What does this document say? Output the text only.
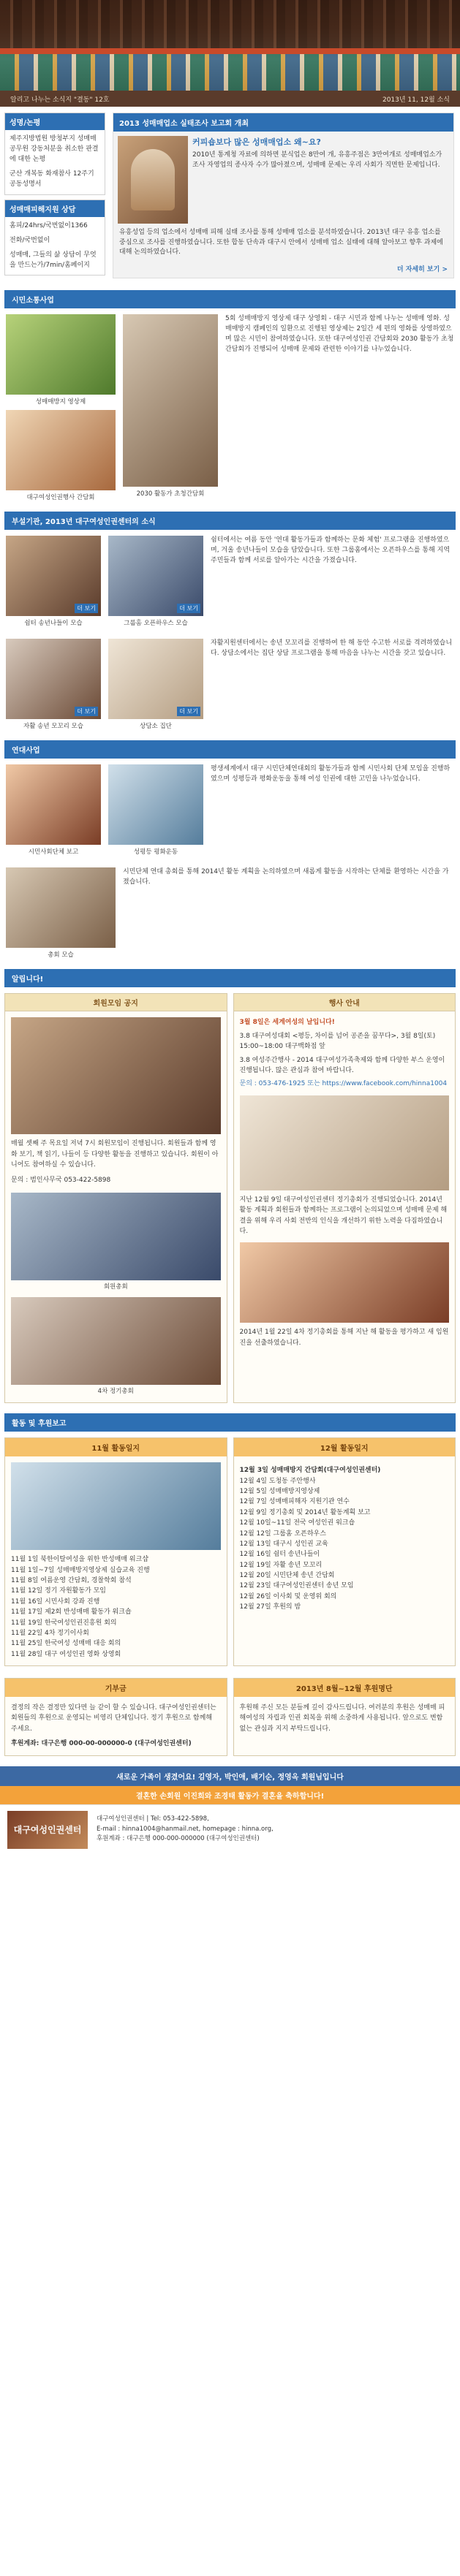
알리고 나누는 소식지 "결동" 12호	2013년 11, 12월 소식
성명/논평
제주지방법원 방청부지 성매매 공무원 강동처분을 취소한 판결에 대한 논평
군산 개복동 화재참사 12주기 공동성명서
성매매피해지원 상담
홈피/24hrs/국번없이1366
전화/국번없이
성매매, 그들의 삶 상담이 무엇을 만드는가/7min/홈페이지
2013 성매매업소 실태조사 보고회 개최
커피숍보다 많은 성매매업소 왜~요?
2010년 통계청 자료에 의하면 분식업은 8만여 개, 유흥주점은 3만여개로 성매매업소가 조사 자영업의 종사자 수가 많아졌으며, 성매매 문제는 우리 사회가 직면한 문제입니다.
유흥성업 등의 업소에서 성매매 피해 실태 조사를 통해 성매매 업소를 분석하였습니다. 2013년 대구 유흥 업소를 중심으로 조사를 진행하였습니다. 또한 합동 단속과 대구시 안에서 성매매 업소 실태에 대해 알아보고 향후 과제에 대해 논의하였습니다.
더 자세히 보기 >
시민소통사업
성매매방지 영상제
대구여성인권행사 간담회	2030 활동가 초청간담회
5회 성매매방지 영상제 대구 상영회 - 대구 시민과 함께 나누는 성매매 영화. 성매매방지 캠페인의 일환으로 진행된 영상제는 2일간 세 편의 영화를 상영하였으며 많은 시민이 참여하였습니다. 또한 대구여성인권 간담회와 2030 활동가 초청간담회가 진행되어 성매매 문제와 관련한 이야기를 나누었습니다.
부설기관, 2013년 대구여성인권센터의 소식
더 보기
쉼터 송년나들이 모습
더 보기
그룹홈 오픈하우스 모습
쉼터에서는 여름 동안 '연대 활동가들과 함께하는 문화 체험' 프로그램을 진행하였으며, 겨울 송년나들이 모습을 담았습니다. 또한 그룹홈에서는 오픈하우스를 통해 지역주민들과 함께 서로를 알아가는 시간을 가졌습니다.
더 보기
자활 송년 모꼬리 모습
더 보기
상담소 집단
자활지원센터에서는 송년 모꼬리를 진행하여 한 해 동안 수고한 서로를 격려하였습니다. 상담소에서는 집단 상담 프로그램을 통해 마음을 나누는 시간을 갖고 있습니다.
연대사업
시민사회단체 보고	성평등 평화운동
평생세계에서 대구 시민단체연대회의 활동가들과 함께 시민사회 단체 모임을 진행하였으며 성평등과 평화운동을 통해 여성 인권에 대한 고민을 나누었습니다.
총회 모습
시민단체 연대 총회를 통해 2014년 활동 계획을 논의하였으며 새롭게 활동을 시작하는 단체를 환영하는 시간을 가졌습니다.
알립니다!
회원모임 공지
매월 셋째 주 목요일 저녁 7시 회원모임이 진행됩니다. 회원들과 함께 영화 보기, 책 읽기, 나들이 등 다양한 활동을 진행하고 있습니다. 회원이 아니어도 참여하실 수 있습니다.
문의 : 범인사무국 053-422-5898
회원총회
4차 정기총회
행사 안내
3월 8일은 세계여성의 날입니다!
3.8 대구여성대회 <평등, 차이를 넘어 공존을 꿈꾸다>, 3월 8일(토) 15:00~18:00 대구백화점 앞
3.8 여성주간행사 - 2014 대구여성가족축제와 함께 다양한 부스 운영이 진행됩니다. 많은 관심과 참여 바랍니다.
문의 : 053-476-1925 또는 https://www.facebook.com/hinna1004
지난 12월 9일 대구여성인권센터 정기총회가 진행되었습니다. 2014년 활동 계획과 회원들과 함께하는 프로그램이 논의되었으며 성매매 문제 해결을 위해 우리 사회 전반의 인식을 개선하기 위한 노력을 다짐하였습니다.
2014년 1월 22일 4차 정기총회를 통해 지난 해 활동을 평가하고 새 임원진을 선출하였습니다.
활동 및 후원보고
11월 활동일지
11월 1일 북한이탈여성을 위한 반성매매 워크샵
11월 1일~7일 성매매방지영상제 실습교육 진행
11월 8일 여름운영 간담회, 경찰학회 참석
11월 12일 정기 자원활동가 모임
11월 16일 시민사회 강좌 진행
11월 17일 제2회 반성매매 활동가 워크숍
11월 19일 한국여성인권진흥원 회의
11월 22일 4차 정기이사회
11월 25일 한국여성 성매매 대응 회의
11월 28일 대구 여성인권 영화 상영회
12월 활동일지
12월 3일 성매매방지 간담회(대구여성인권센터)
12월 4일 도청동 주안행사
12월 5일 성매매방지영상제
12월 7일 성매매피해자 지원기관 연수
12월 9일 정기총회 및 2014년 활동계획 보고
12월 10일~11일 전국 여성인권 워크숍
12월 12일 그룹홈 오픈하우스
12월 13일 대구시 성인권 교육
12월 16일 쉼터 송년나들이
12월 19일 자활 송년 모꼬리
12월 20일 시민단체 송년 간담회
12월 23일 대구여성인권센터 송년 모임
12월 26일 이사회 및 운영위 회의
12월 27일 후원의 밤
기부금
결정의 작은 결정만 있다면 늘 같이 할 수 있습니다. 대구여성인권센터는 회원들의 후원으로 운영되는 비영리 단체입니다. 정기 후원으로 함께해 주세요.
후원계좌: 대구은행 000-00-000000-0 (대구여성인권센터)
2013년 8월~12월 후원명단
후원해 주신 모든 분들께 깊이 감사드립니다. 여러분의 후원은 성매매 피해여성의 자립과 인권 회복을 위해 소중하게 사용됩니다. 앞으로도 변함없는 관심과 지지 부탁드립니다.
새로운 가족이 생겼어요! 김영자, 박인애, 배기순, 정영옥 회원님입니다
결혼한 손회원 이진희와 조경태 활동가 결혼을 축하합니다!
대구여성인권센터
대구여성인권센터 | Tel: 053-422-5898,
E-mail : hinna1004@hanmail.net, homepage : hinna.org,
후원계좌 : 대구은행 000-000-000000 (대구여성인권센터)
